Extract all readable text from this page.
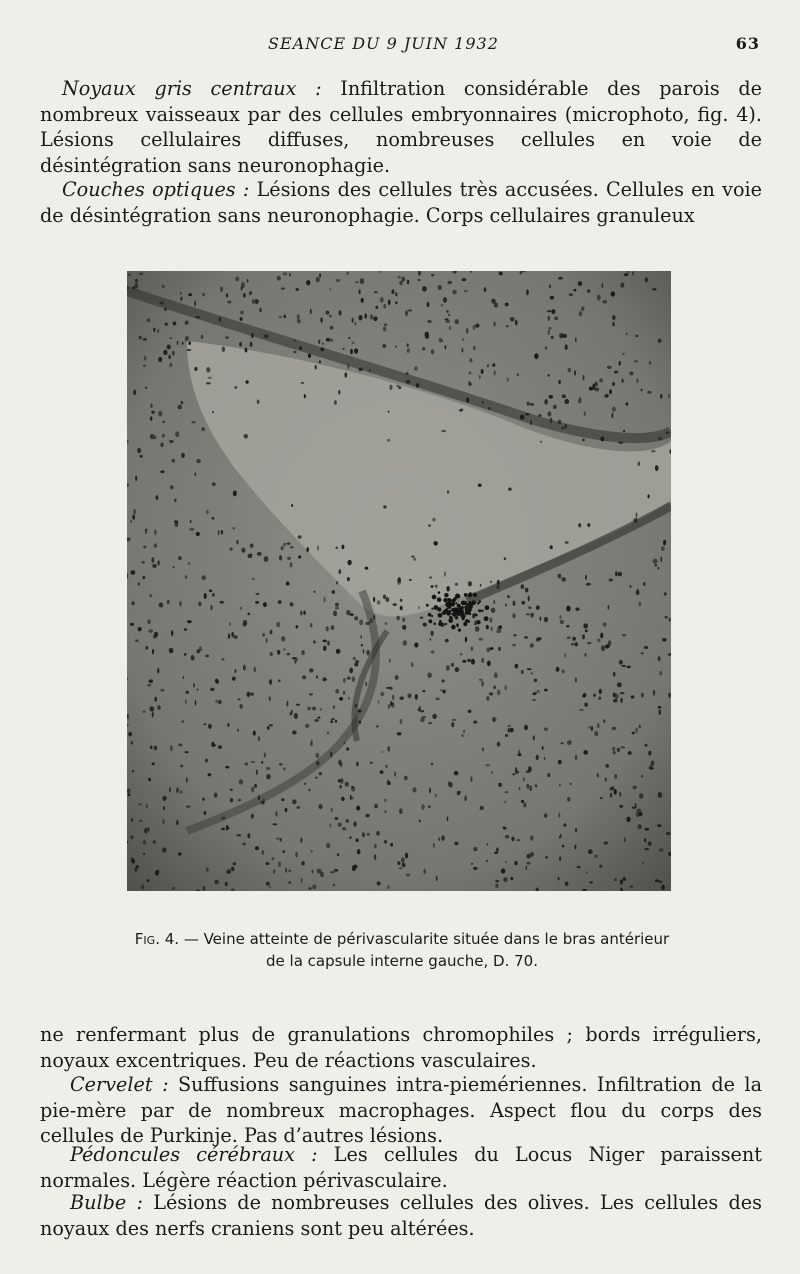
SEANCE DU 9 JUIN 1932	63
Noyaux gris centraux : Infiltration considérable des parois de nombreux vaisseaux par des cellules embryonnaires (microphoto, fig. 4). Lésions cellulaires diffuses, nombreuses cellules en voie de désintégration sans neuronophagie.
Couches optiques : Lésions des cellules très accusées. Cellules en voie de désintégration sans neuronophagie. Corps cellulaires granuleux
Fig. 4. — Veine atteinte de périvascularite située dans le bras antérieur
de la capsule interne gauche, D. 70.
ne renfermant plus de granulations chromophiles ; bords irréguliers, noyaux excentriques. Peu de réactions vasculaires.
Cervelet : Suffusions sanguines intra-piemériennes. Infiltration de la pie-mère par de nombreux macrophages. Aspect flou du corps des cellules de Purkinje. Pas d’autres lésions.
Pédoncules cérébraux : Les cellules du Locus Niger paraissent normales. Légère réaction périvasculaire.
Bulbe : Lésions de nombreuses cellules des olives. Les cellules des noyaux des nerfs craniens sont peu altérées.
